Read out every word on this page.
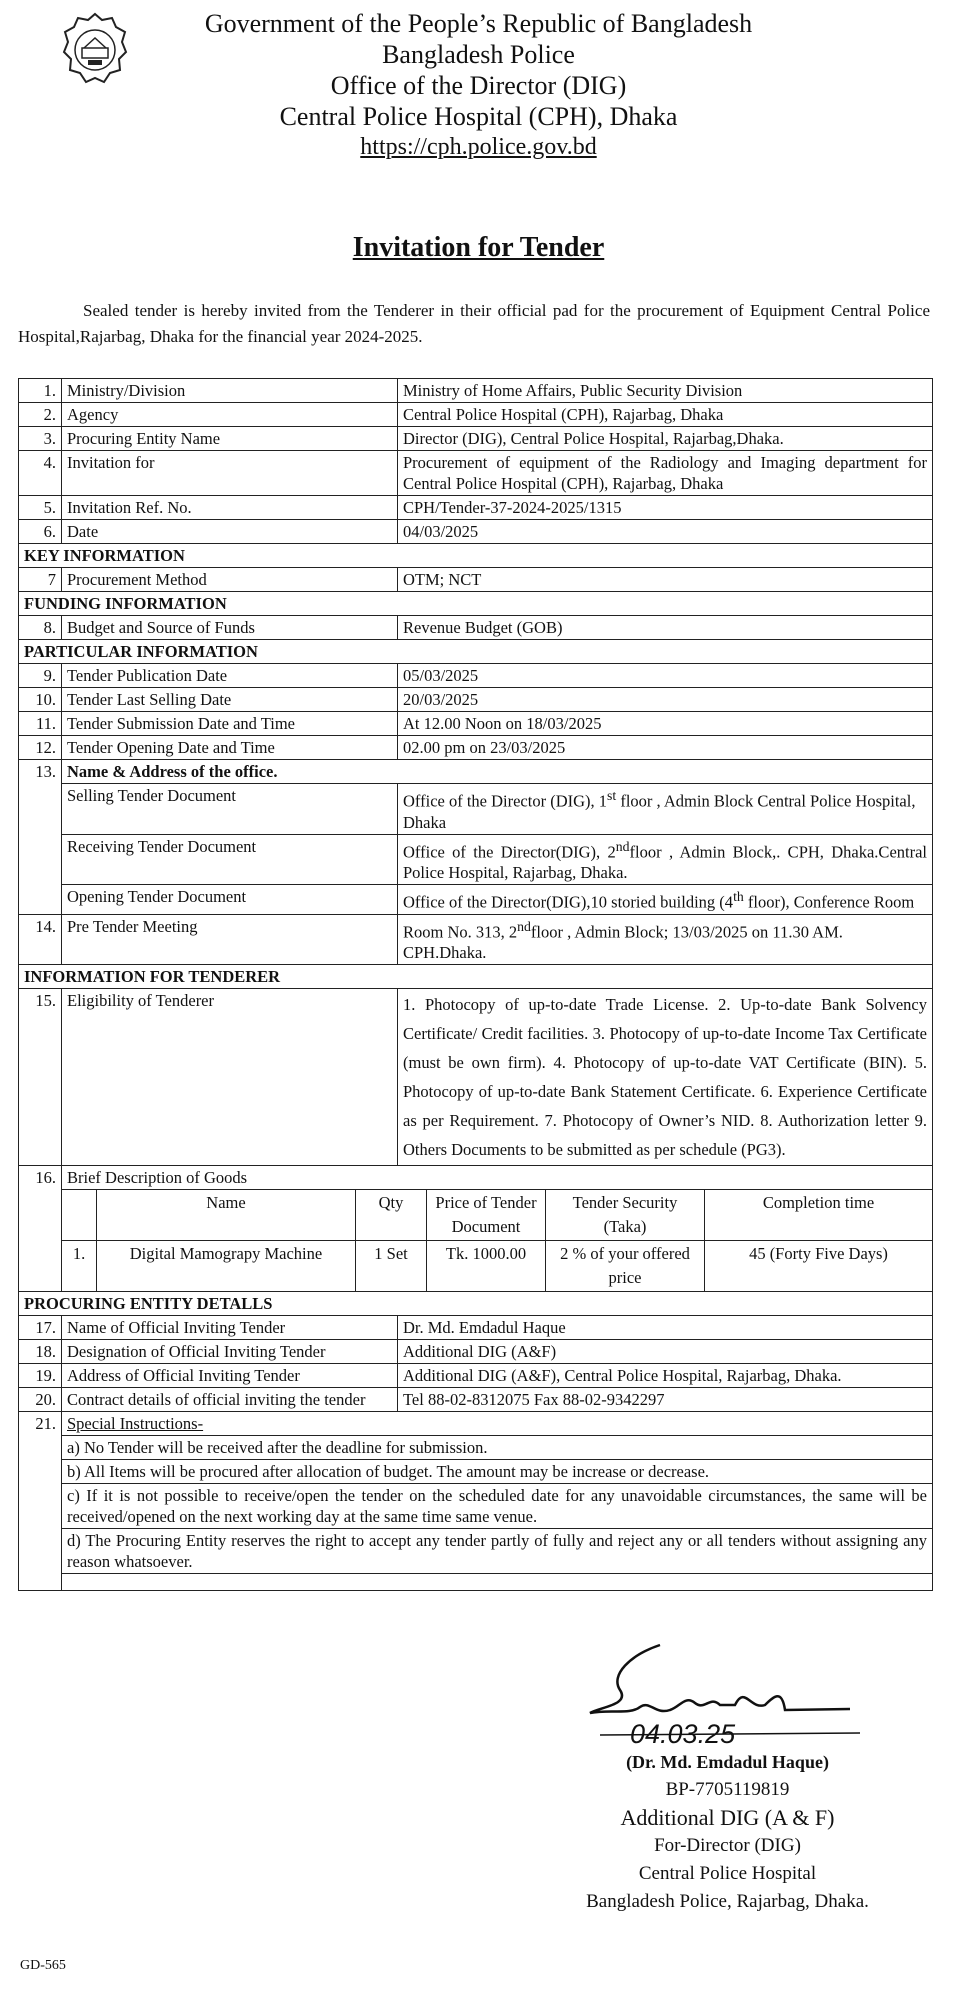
Government of the People’s Republic of Bangladesh
Bangladesh Police
Office of the Director (DIG)
Central Police Hospital (CPH), Dhaka
https://cph.police.gov.bd
Invitation for Tender
Sealed tender is hereby invited from the Tenderer in their official pad for the procurement of Equipment Central Police Hospital,Rajarbag, Dhaka for the financial year 2024-2025.
1.	Ministry/Division	Ministry of Home Affairs, Public Security Division
2.	Agency	Central Police Hospital (CPH), Rajarbag, Dhaka
3.	Procuring Entity Name	Director (DIG), Central Police Hospital, Rajarbag,Dhaka.
4.	Invitation for	Procurement of equipment of the Radiology and Imaging department for Central Police Hospital (CPH), Rajarbag, Dhaka
5.	Invitation Ref. No.	CPH/Tender-37-2024-2025/1315
6.	Date	04/03/2025
KEY INFORMATION
7	Procurement Method	OTM; NCT
FUNDING INFORMATION
8.	Budget and Source of Funds	Revenue Budget (GOB)
PARTICULAR INFORMATION
9.	Tender Publication Date	05/03/2025
10.	Tender Last Selling Date	20/03/2025
11.	Tender Submission Date and Time	At 12.00 Noon on 18/03/2025
12.	Tender Opening Date and Time	02.00 pm on 23/03/2025
13.	Name & Address of the office.
Selling Tender Document	Office of the Director (DIG), 1st floor , Admin Block Central Police Hospital, Dhaka
Receiving Tender Document	Office of the Director(DIG), 2ndfloor , Admin Block,. CPH, Dhaka.Central Police Hospital, Rajarbag, Dhaka.
Opening Tender Document	Office of the Director(DIG),10 storied building (4th floor), Conference Room
14.	Pre Tender Meeting	Room No. 313, 2ndfloor , Admin Block; 13/03/2025 on 11.30 AM. CPH.Dhaka.
INFORMATION FOR TENDERER
15.	Eligibility of Tenderer	1. Photocopy of up-to-date Trade License. 2. Up-to-date Bank Solvency Certificate/ Credit facilities. 3. Photocopy of up-to-date Income Tax Certificate (must be own firm). 4. Photocopy of up-to-date VAT Certificate (BIN). 5. Photocopy of up-to-date Bank Statement Certificate. 6. Experience Certificate as per Requirement. 7. Photocopy of Owner’s NID. 8. Authorization letter 9. Others Documents to be submitted as per schedule (PG3).
16.	Brief Description of Goods
	Name	Qty	Price of Tender Document	Tender Security (Taka)	Completion time
1.	Digital Mamograpy Machine	1 Set	Tk. 1000.00	2 % of your offered price	45 (Forty Five Days)

PROCURING ENTITY DETALLS
17.	Name of Official Inviting Tender	Dr. Md. Emdadul Haque
18.	Designation of Official Inviting Tender	Additional DIG (A&F)
19.	Address of Official Inviting Tender	Additional DIG (A&F), Central Police Hospital, Rajarbag, Dhaka.
20.	Contract details of official inviting the tender	Tel 88-02-8312075 Fax 88-02-9342297
21.	Special Instructions-
a) No Tender will be received after the deadline for submission.
b) All Items will be procured after allocation of budget. The amount may be increase or decrease.
c) If it is not possible to receive/open the tender on the scheduled date for any unavoidable circumstances, the same will be received/opened on the next working day at the same time same venue.
d) The Procuring Entity reserves the right to accept any tender partly of fully and reject any or all tenders without assigning any reason whatsoever.

04.03.25
(Dr. Md. Emdadul Haque)
BP-7705119819
Additional DIG (A & F)
For-Director (DIG)
Central Police Hospital
Bangladesh Police, Rajarbag, Dhaka.
GD-565
